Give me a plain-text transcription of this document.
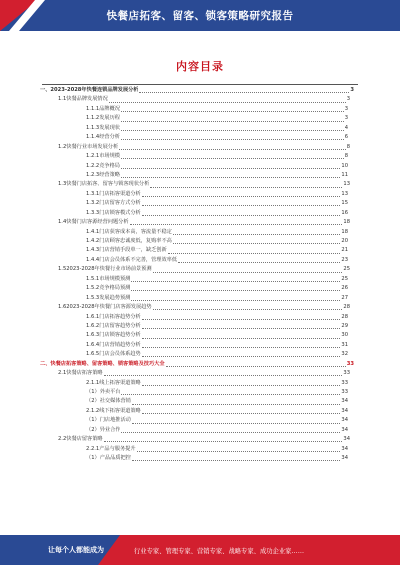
快餐店拓客、留客、锁客策略研究报告
内容目录
一、 2023-2028年快餐连锁品牌发展分析	3
1.1 快餐品牌发展情况	3
1.1.1 品牌概况	3
1.1.2 发展历程	3
1.1.3 发展现状	4
1.1.4 经营分析	6
1.2 快餐行业市场发展分析	8
1.2.1 市场规模	8
1.2.2 竞争格局	10
1.2.3 经营策略	11
1.3 快餐门店拓客、留客与锁客现状分析	13
1.3.1 门店拓客渠道分析	13
1.3.2 门店留客方式分析	15
1.3.3 门店锁客模式分析	16
1.4 快餐门店客源经营问题分析	18
1.4.1 门店获客成本高，客流量不稳定	18
1.4.2 门店顾客忠诚度低，复购率不高	20
1.4.3 门店营销手段单一，缺乏创新	21
1.4.4 门店会员体系不完善，管理效率低	23
1.5 2023-2028年快餐行业市场前景预测	25
1.5.1 市场规模预测	25
1.5.2 竞争格局预测	26
1.5.3 发展趋势预测	27
1.6 2023-2028年快餐门店客源发展趋势	28
1.6.1 门店拓客趋势分析	28
1.6.2 门店留客趋势分析	29
1.6.3 门店锁客趋势分析	30
1.6.4 门店营销趋势分析	31
1.6.5 门店会员体系趋势	32
二、 快餐店拓客策略、留客策略、锁客策略及技巧大全	33
2.1 快餐店拓客策略	33
2.1.1 线上拓客渠道策略	33
（1） 外卖平台	33
（2） 社交媒体营销	34
2.1.2 线下拓客渠道策略	34
（1） 门店地推活动	34
（2） 异业合作	34
2.2 快餐店留客策略	34
2.2.1 产品与服务提升	34
（1） 产品品质把控	34
让每个人都能成为	行业专家、管理专家、营销专家、战略专家、成功企业家……
